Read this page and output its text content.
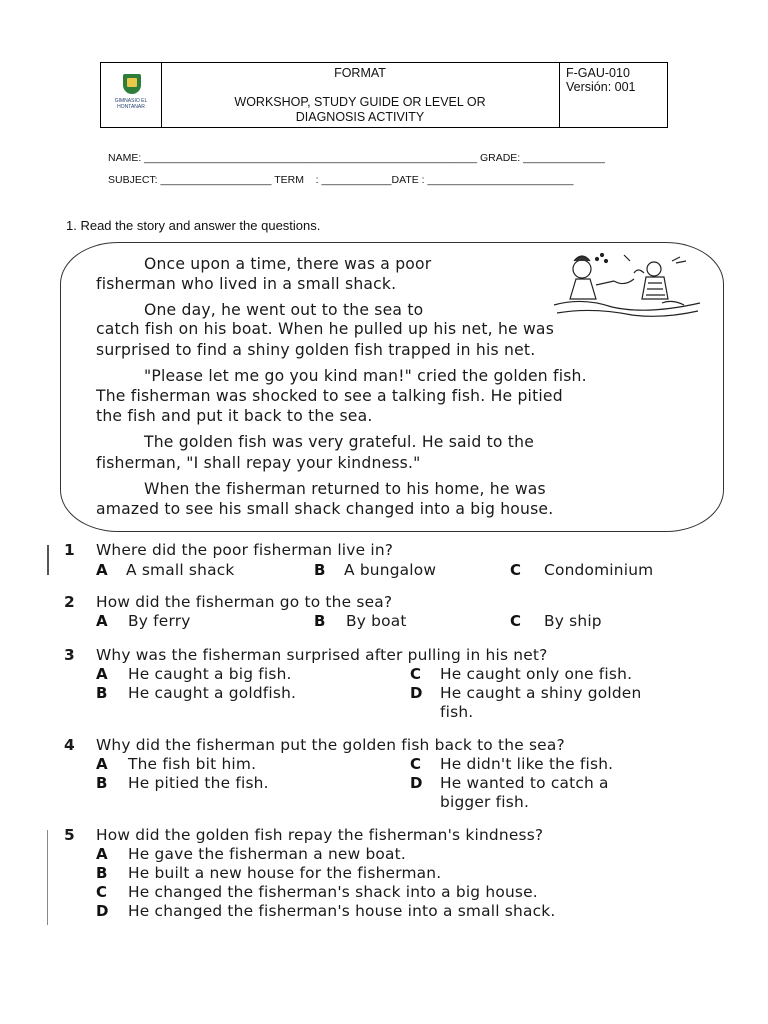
GIMNASIO EL HONTANAR
FORMAT
WORKSHOP, STUDY GUIDE OR LEVEL OR
DIAGNOSIS ACTIVITY
F-GAU-010
Versión: 001
NAME: _________________________________________________________ GRADE: ______________
SUBJECT: ___________________ TERM    : ____________DATE : _________________________
1. Read the story and answer the questions.
Once upon a time, there was a poor
fisherman who lived in a small shack.
One day, he went out to the sea to
catch fish on his boat. When he pulled up his net, he was
surprised to find a shiny golden fish trapped in his net.
"Please let me go you kind man!" cried the golden fish.
The fisherman was shocked to see a talking fish. He pitied
the fish and put it back to the sea.
The golden fish was very grateful. He said to the
fisherman, "I shall repay your kindness."
When the fisherman returned to his home, he was
amazed to see his small shack changed into a big house.
1 Where did the poor fisherman live in?
A A small shack	B A bungalow	C Condominium
2 How did the fisherman go to the sea?
A By ferry	B By boat	C By ship
3 Why was the fisherman surprised after pulling in his net?
A He caught a big fish.	C He caught only one fish.
B He caught a goldfish.	D He caught a shiny golden
fish.
4 Why did the fisherman put the golden fish back to the sea?
A The fish bit him.	C He didn't like the fish.
B He pitied the fish.	D He wanted to catch a
bigger fish.
5 How did the golden fish repay the fisherman's kindness?
A He gave the fisherman a new boat.
B He built a new house for the fisherman.
C He changed the fisherman's shack into a big house.
D He changed the fisherman's house into a small shack.
